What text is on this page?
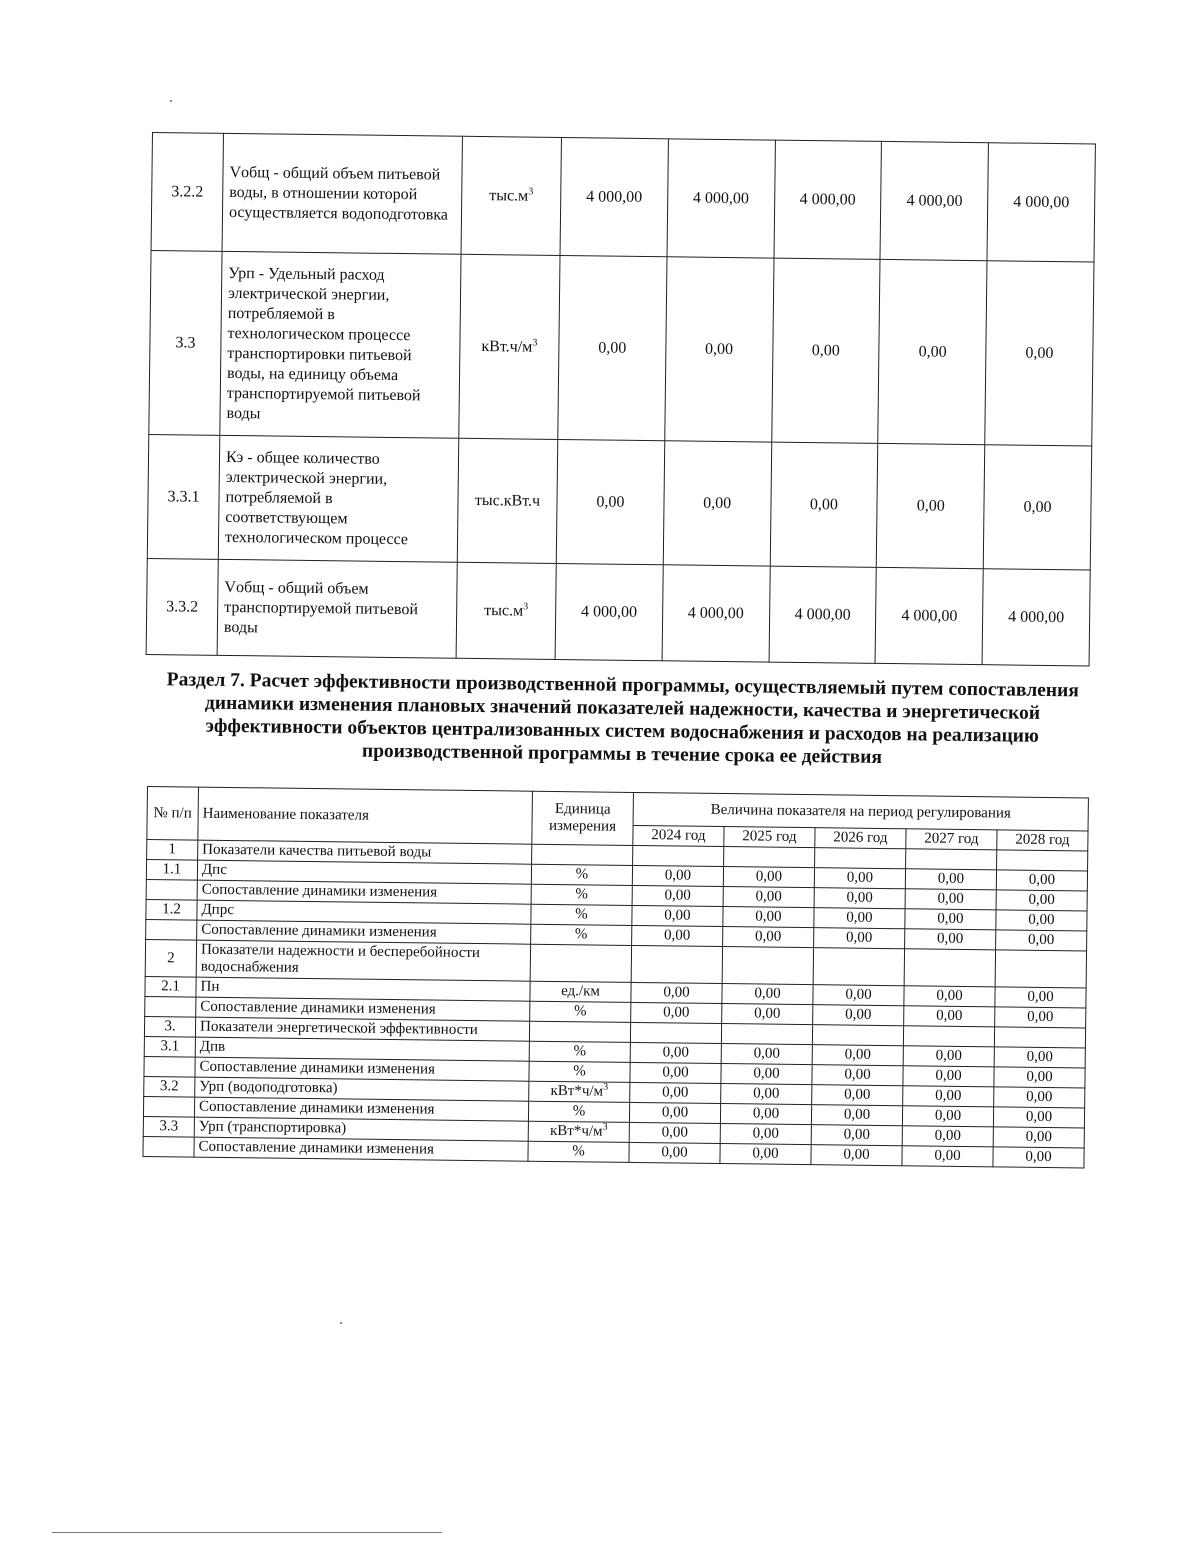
3.2.2	Vобщ - общий объем питьевой воды, в отношении которой осуществляется водоподготовка	$тыс.м^3$	4 000,00	4 000,00	4 000,00	4 000,00	4 000,00
3.3	Урп - Удельный расход электрической энергии, потребляемой в технологическом процессе транспортировки питьевой воды, на единицу объема транспортируемой питьевой воды	$кВт.ч/м^3$	0,00	0,00	0,00	0,00	0,00
3.3.1	Кэ - общее количество электрической энергии, потребляемой в соответствующем технологическом процессе	тыс.кВт.ч	0,00	0,00	0,00	0,00	0,00
3.3.2	Vобщ - общий объем транспортируемой питьевой воды	$тыс.м^3$	4 000,00	4 000,00	4 000,00	4 000,00	4 000,00
Раздел 7. Расчет эффективности производственной программы, осуществляемый путем сопоставления динамики изменения плановых значений показателей надежности, качества и энергетической эффективности объектов централизованных систем водоснабжения и расходов на реализацию производственной программы в течение срока ее действия
№ п/п	Наименование показателя	Единица измерения	Величина показателя на период регулирования				
			2024 год	2025 год	2026 год	2027 год	2028 год
1	Показатели качества питьевой воды						
1.1	Дпс	%	0,00	0,00	0,00	0,00	0,00
	Сопоставление динамики изменения	%	0,00	0,00	0,00	0,00	0,00
1.2	Дпрс	%	0,00	0,00	0,00	0,00	0,00
	Сопоставление динамики изменения	%	0,00	0,00	0,00	0,00	0,00
2	Показатели надежности и бесперебойности водоснабжения						
2.1	Пн	ед./км	0,00	0,00	0,00	0,00	0,00
	Сопоставление динамики изменения	%	0,00	0,00	0,00	0,00	0,00
3.	Показатели энергетической эффективности						
3.1	Дпв	%	0,00	0,00	0,00	0,00	0,00
	Сопоставление динамики изменения	%	0,00	0,00	0,00	0,00	0,00
3.2	Урп (водоподготовка)	$кВт*ч/м^3$	0,00	0,00	0,00	0,00	0,00
	Сопоставление динамики изменения	%	0,00	0,00	0,00	0,00	0,00
3.3	Урп (транспортировка)	$кВт*ч/м^3$	0,00	0,00	0,00	0,00	0,00
	Сопоставление динамики изменения	%	0,00	0,00	0,00	0,00	0,00
